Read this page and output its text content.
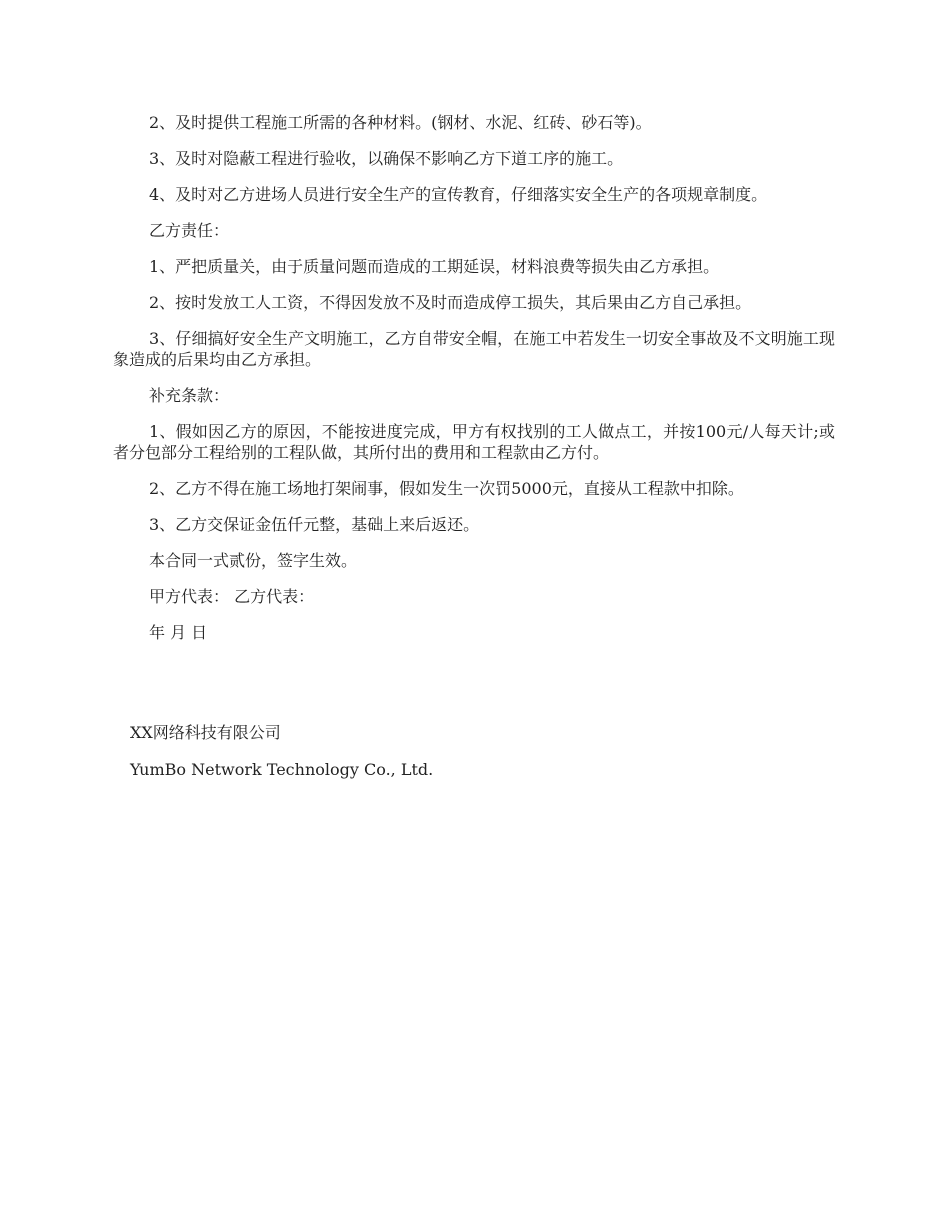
2、及时提供工程施工所需的各种材料。(钢材、水泥、红砖、砂石等)。

3、及时对隐蔽工程进行验收，以确保不影响乙方下道工序的施工。

4、及时对乙方进场人员进行安全生产的宣传教育，仔细落实安全生产的各项规章制度。

乙方责任：

1、严把质量关，由于质量问题而造成的工期延误，材料浪费等损失由乙方承担。

2、按时发放工人工资，不得因发放不及时而造成停工损失，其后果由乙方自己承担。

3、仔细搞好安全生产文明施工，乙方自带安全帽，在施工中若发生一切安全事故及不文明施工现象造成的后果均由乙方承担。

补充条款：

1、假如因乙方的原因，不能按进度完成，甲方有权找别的工人做点工，并按100元/人每天计;或者分包部分工程给别的工程队做，其所付出的费用和工程款由乙方付。

2、乙方不得在施工场地打架闹事，假如发生一次罚5000元，直接从工程款中扣除。

3、乙方交保证金伍仟元整，基础上来后返还。

本合同一式贰份，签字生效。

甲方代表： 乙方代表：

年 月 日

XX网络科技有限公司

YumBo Network Technology Co., Ltd.
